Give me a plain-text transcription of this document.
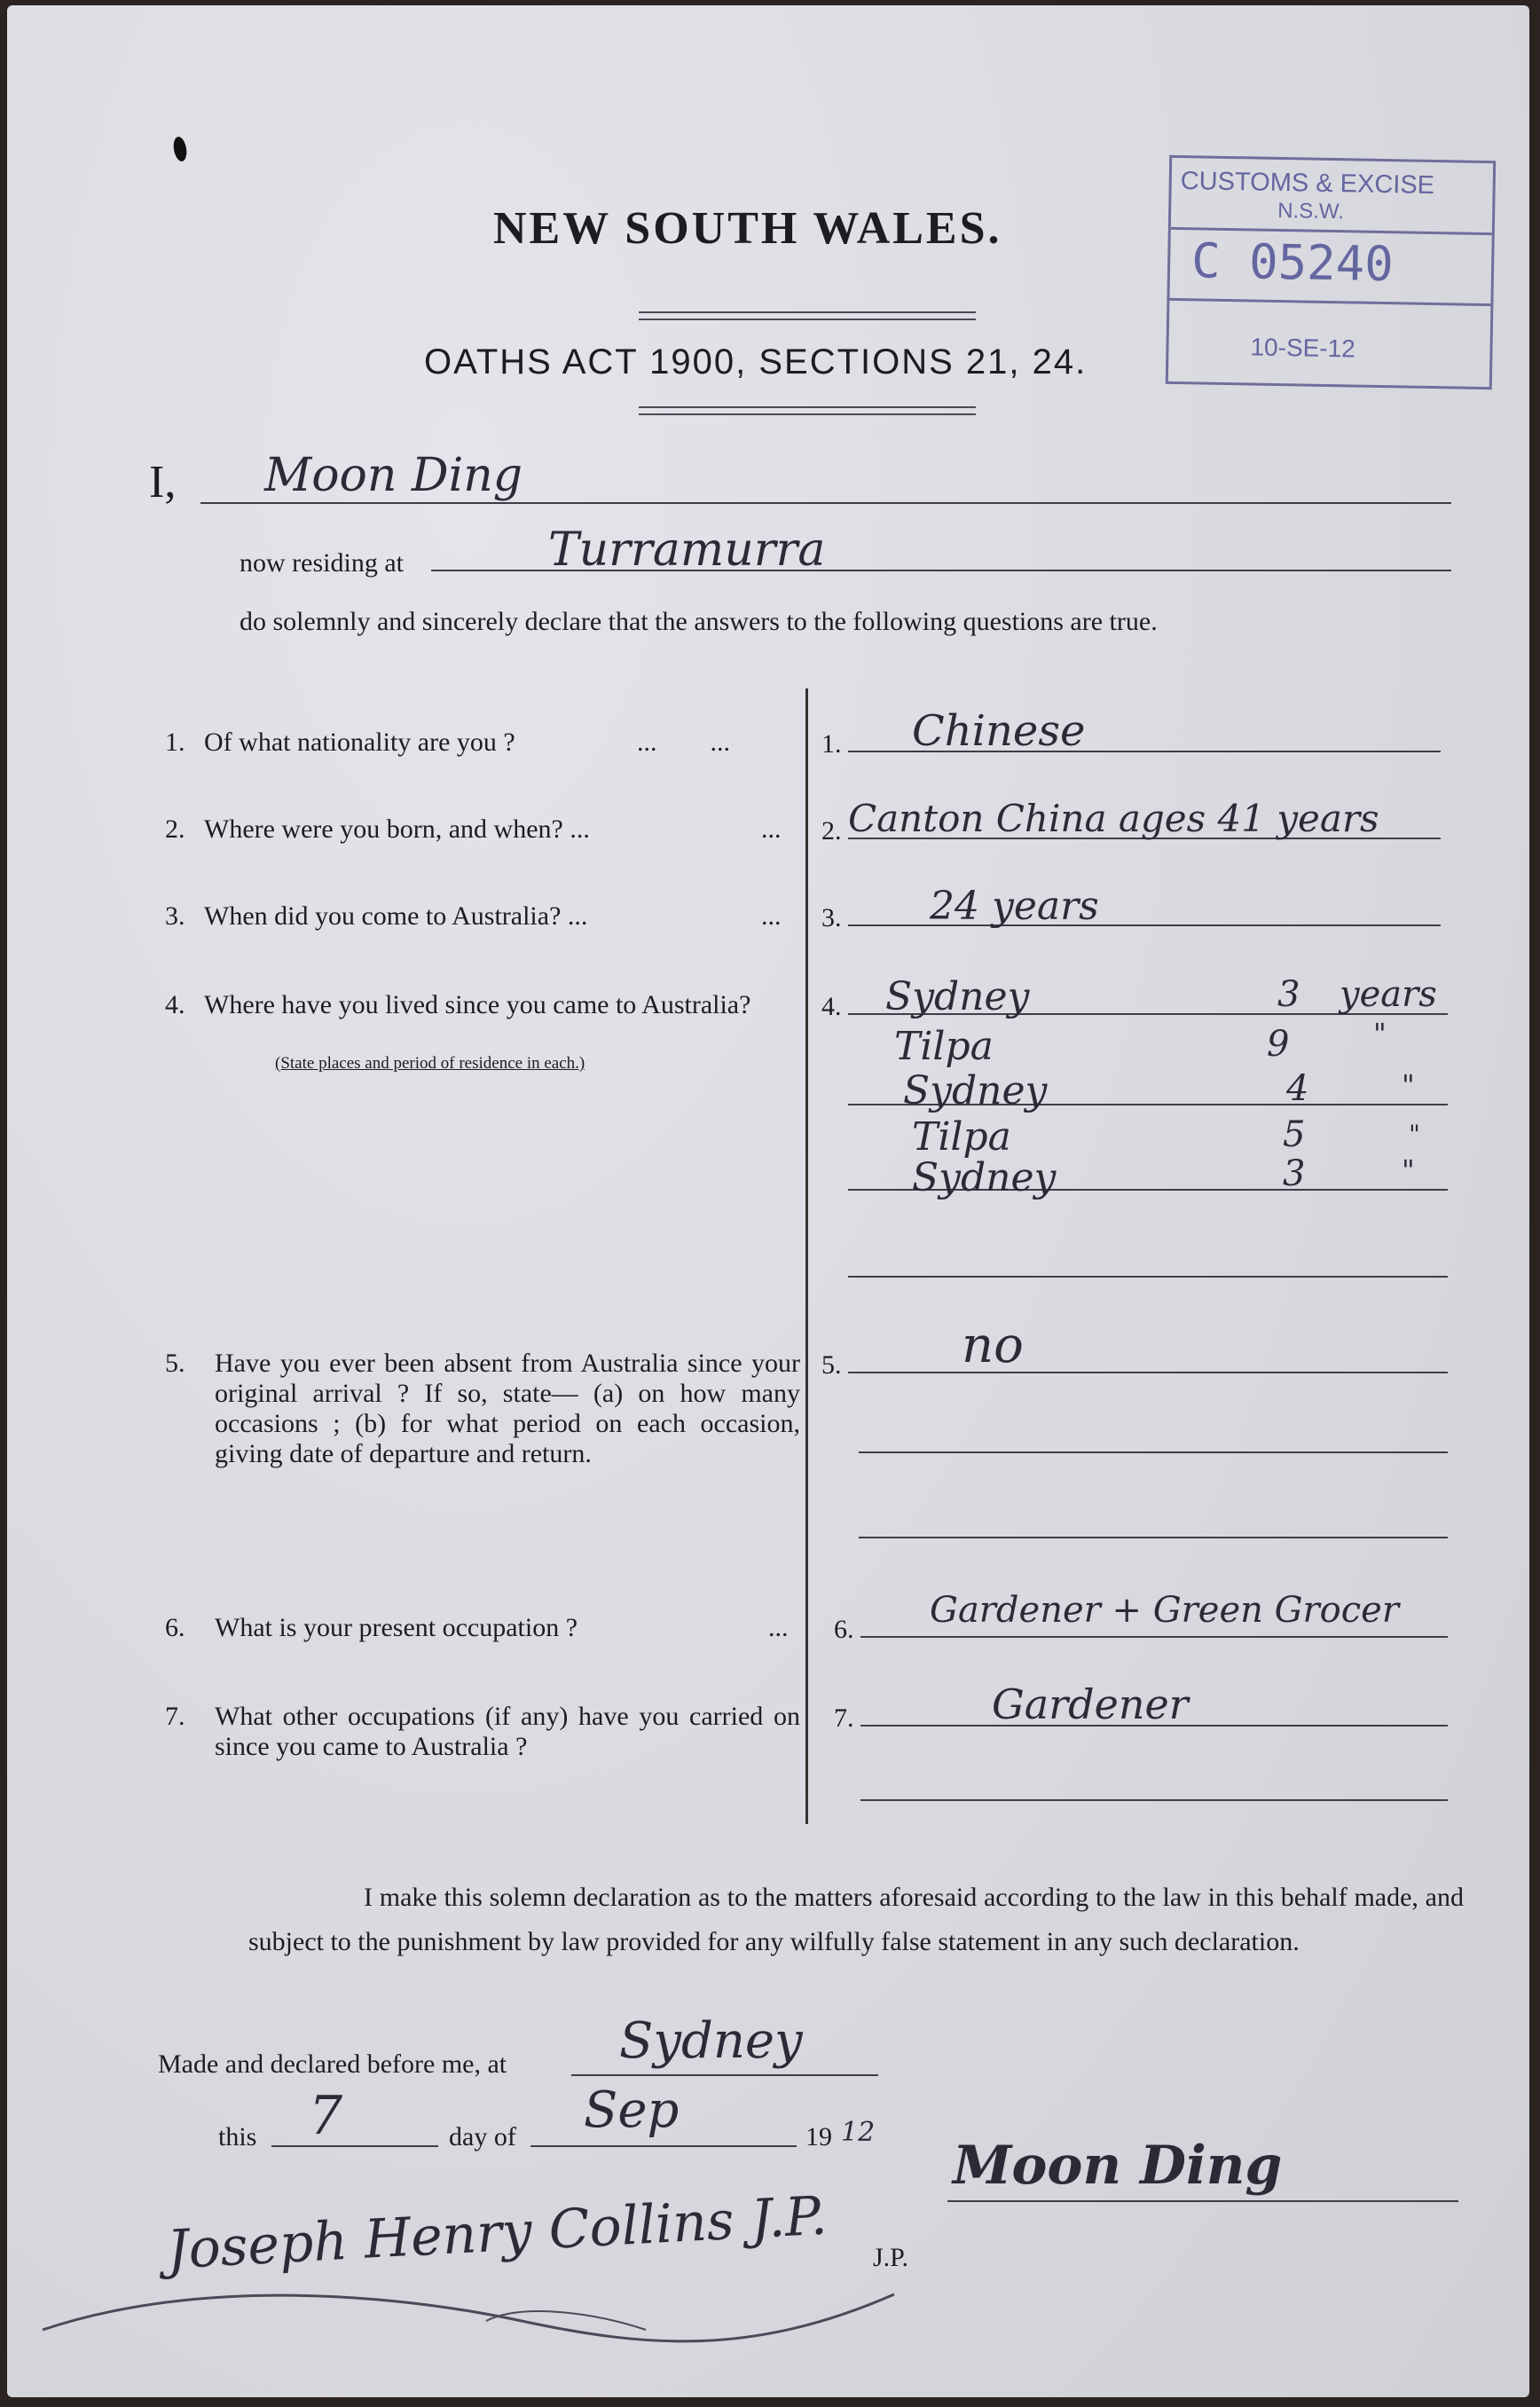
NEW SOUTH WALES.
OATHS ACT 1900, SECTIONS 21, 24.
CUSTOMS & EXCISE
N.S.W.
C 05240
10-SE-12
I, Moon Ding
now residing at	Turramurra
do solemnly and sincerely declare that the answers to the following questions are true.
1. Of what nationality are you ?	...        ...	1. Chinese
2. Where were you born, and when? ...	... 2. Canton China ages 41 years
3. When did you come to Australia? ...	... 3. 24 years
4. Where have you lived since you came to Australia?
(State places and period of residence in each.)
4. Sydney	3 years
Tilpa	9	"
Sydney	4	"
Tilpa	5	"
Sydney	3	"
5. Have you ever been absent from Australia since your original arrival ? If so, state— (a) on how many occasions ; (b) for what period on each occasion, giving date of departure and return.
5. no
6. What is your present occupation ?	... 6. Gardener + Green Grocer
7. What other occupations (if any) have you carried on since you came to Australia ?
7.	Gardener
I make this solemn declaration as to the matters aforesaid according to the law in this behalf made, and subject to the punishment by law provided for any wilfully false statement in any such declaration.
Made and declared before me, at Sydney
this 7	day of Sep	19 12
Moon Ding
Joseph Henry Collins J.P. J.P.
